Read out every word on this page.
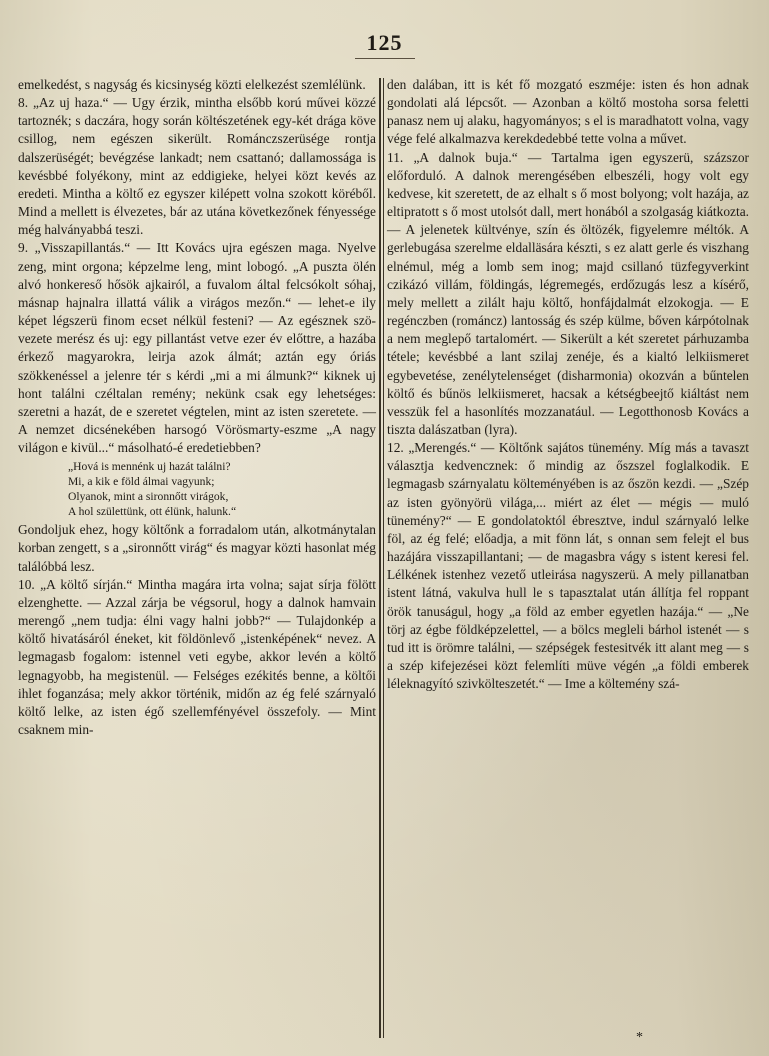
125

emelkedést, s nagyság és kicsinység közti elelkezést szemlélünk.

8. „Az uj haza.“ — Ugy érzik, mintha elsőbb korú művei közzé tartoznék; s daczára, hogy során költészetének egy-két drága köve csillog, nem egészen sikerült. Románczszerüsége rontja dalszerüségét; bevégzése lankadt; nem csattanó; dallamossága is kevésbbé folyékony, mint az eddigieke, helyei közt kevés az eredeti. Mintha a költő ez egyszer kilépett volna szokott köréből. Mind a mellett is élvezetes, bár az utána következőnek fényessége még halványabbá teszi.

9. „Visszapillantás.“ — Itt Kovács ujra egészen maga. Nyelve zeng, mint orgona; képzelme leng, mint lobogó. „A puszta ölén alvó honkereső hősök ajkairól, a fuvalom által felcsókolt sóhaj, másnap hajnalra illattá válik a virágos mezőn.“ — lehet-e ily képet légszerü finom ecset nélkül festeni? — Az egésznek szövezete merész és uj: egy pillantást vetve ezer év előttre, a hazába érkező magyarokra, leirja azok álmát; aztán egy óriás szökkenéssel a jelenre tér s kérdi „mi a mi álmunk?“ kiknek uj hont találni czéltalan remény; nekünk csak egy lehetséges: szeretni a hazát, de e szeretet végtelen, mint az isten szeretete. — A nemzet dicsénekében harsogó Vörösmarty-eszme „A nagy világon e kivül...“ másolható-é eredetiebben?

„Hová is mennénk uj hazát találni?
Mi, a kik e föld álmai vagyunk;
Olyanok, mint a sironnőtt virágok,
A hol születtünk, ott élünk, halunk.“

Gondoljuk ehez, hogy költőnk a forradalom után, alkotmánytalan korban zengett, s a „sironnőtt virág“ és magyar közti hasonlat még találóbbá lesz.

10. „A költő sírján.“ Mintha magára irta volna; sajat sírja fölött elzenghette. — Azzal zárja be végsorul, hogy a dalnok hamvain merengő „nem tudja: élni vagy halni jobb?“ — Tulajdonkép a költő hivatásáról éneket, kit földönlevő „istenképének“ nevez. A legmagasb fogalom: istennel veti egybe, akkor levén a költő legnagyobb, ha megistenül. — Felséges ezékités benne, a költői ihlet foganzása; mely akkor történik, midőn az ég felé szárnyaló költő lelke, az isten égő szellemfényével összefoly. — Mint csaknem min-

den dalában, itt is két fő mozgató eszméje: isten és hon adnak gondolati alá lépcsőt. — Azonban a költő mostoha sorsa feletti panasz nem uj alaku, hagyományos; s el is maradhatott volna, vagy vége felé alkalmazva kerekdedebbé tette volna a művet.

11. „A dalnok bujа.“ — Tartalma igen egyszerü, százszor előforduló. A dalnok merengésében elbeszéli, hogy volt egy kedvese, kit szeretett, de az elhalt s ő most bolyong; volt hazája, az eltipratott s ő most utolsót dall, mert honából a szolgaság kiátkozta. — A jelenetek kültvénye, szín és öltözék, figyelemre méltók. A gerlebugása szerelme eldalläsára készti, s ez alatt gerle és viszhang elnémul, még a lomb sem inog; majd csillanó tüzfegyverkint czikázó villám, földingás, légremegés, erdőzugás lesz a kísérő, mely mellett a zilált haju költő, honfájdalmát elzokogja. — E regénczben (románcz) lantosság és szép külme, bőven kárpótolnak a nem meglepő tartalomért. — Sikerült a két szeretet párhuzamba tétele; kevésbbé a lant szilaj zenéje, és a kialtó lelkiismeret egybevetése, zenélytelenséget (disharmonia) okozván a bűntelen költő és bűnös lelkiismeret, hacsak a kétségbeejtő kiáltást nem vesszük fel a hasonlítés mozzanatául. — Legotthonosb Kovács a tiszta dalászatban (lyra).

12. „Merengés.“ — Költőnk sajátos tünemény. Míg más a tavaszt választja kedvencznek: ő mindig az őszszel foglalkodik. E legmagasb szárnyalatu költeményében is az őszön kezdi. — „Szép az isten gyönyörü világa,... miért az élet — mégis — muló tünemény?“ — E gondolatoktól ébresztve, indul szárnyaló lelke föl, az ég felé; előadja, a mit fönn lát, s onnan sem felejt el bus hazájára visszapillantani; — de magasbra vágy s istent keresi fel. Lélkének istenhez vezető utleirása nagyszerü. A mely pillanatban istent látná, vakulva hull le s tapasztalat után állítja fel roppant örök tanuságul, hogy „a föld az ember egyetlen hazája.“ — „Ne törj az égbe földképzelettel, — a bölcs megleli bárhol istenét — s tud itt is örömre találni, — szépségek festesitvék itt alant meg — s a szép kifejezései közt felemlíti müve végén „a földi emberek léleknаgyító szivkölteszetét.“ — Ime a költemény szá-

*
